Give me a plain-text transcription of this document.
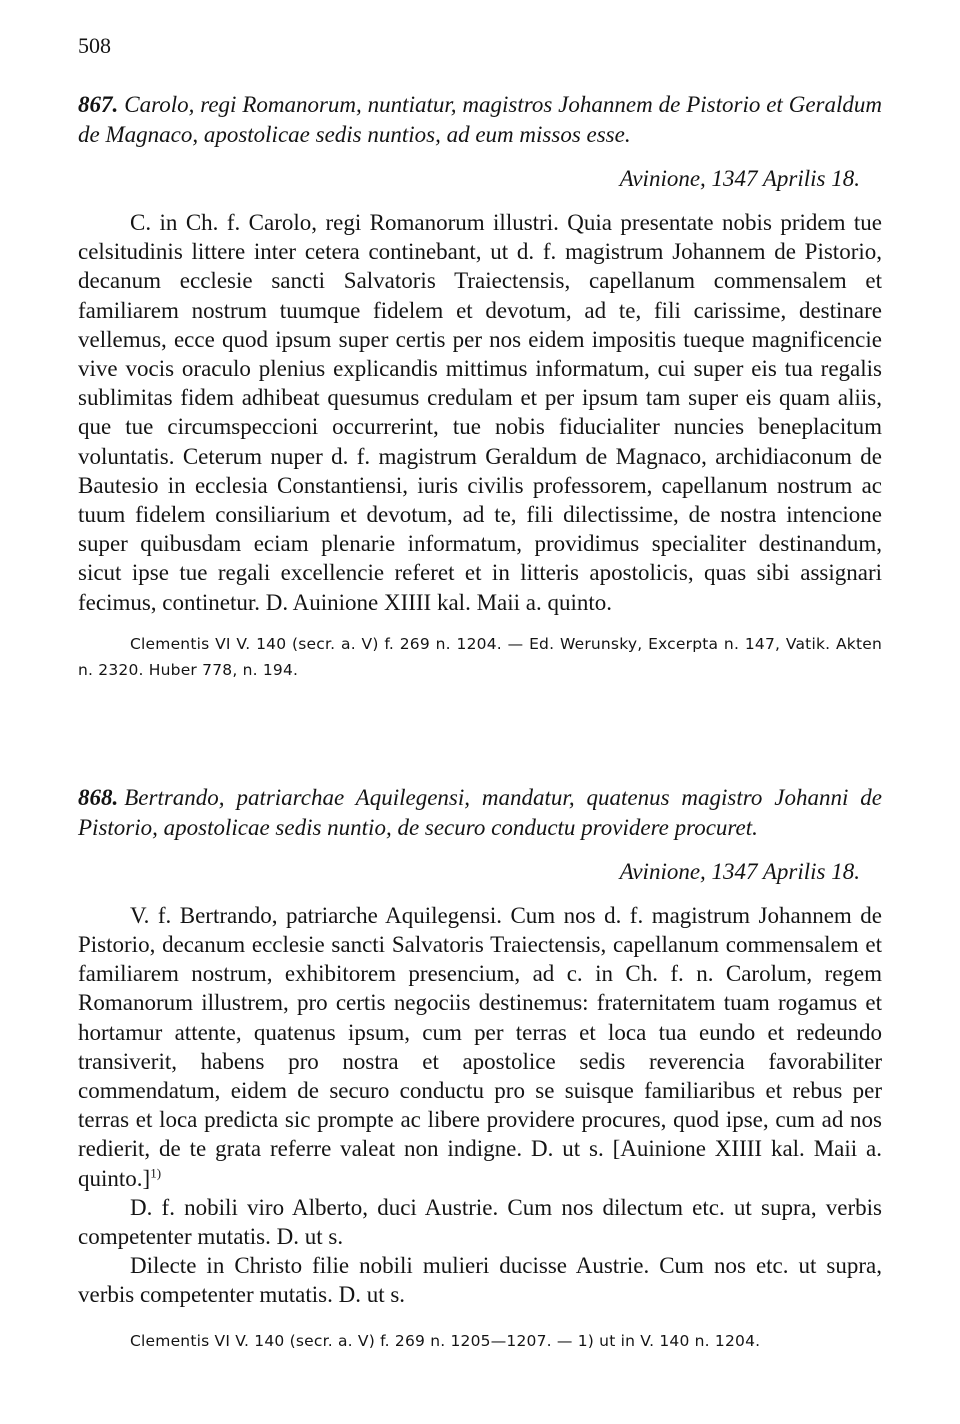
508

867. Carolo, regi Romanorum, nuntiatur, magistros Johannem de Pistorio et Geraldum de Magnaco, apostolicae sedis nuntios, ad eum missos esse.

Avinione, 1347 Aprilis 18.

C. in Ch. f. Carolo, regi Romanorum illustri. Quia presentate nobis pridem tue celsitudinis littere inter cetera continebant, ut d. f. magistrum Johannem de Pistorio, decanum ecclesie sancti Salvatoris Traiectensis, capellanum commensalem et familiarem nostrum tuumque fidelem et devotum, ad te, fili carissime, destinare vellemus, ecce quod ipsum super certis per nos eidem impositis tueque magnificencie vive vocis oraculo plenius explicandis mittimus informatum, cui super eis tua regalis sublimitas fidem adhibeat quesumus credulam et per ipsum tam super eis quam aliis, que tue circumspeccioni occurrerint, tue nobis fiducialiter nuncies beneplacitum voluntatis. Ceterum nuper d. f. magistrum Geraldum de Magnaco, archidiaconum de Bautesio in ecclesia Constantiensi, iuris civilis professorem, capellanum nostrum ac tuum fidelem consiliarium et devotum, ad te, fili dilectissime, de nostra intencione super quibusdam eciam plenarie informatum, providimus specialiter destinandum, sicut ipse tue regali excellencie referet et in litteris apostolicis, quas sibi assignari fecimus, continetur. D. Auinione XIIII kal. Maii a. quinto.

Clementis VI V. 140 (secr. a. V) f. 269 n. 1204. — Ed. Werunsky, Excerpta n. 147, Vatik. Akten n. 2320. Huber 778, n. 194.

868. Bertrando, patriarchae Aquilegensi, mandatur, quatenus magistro Johanni de Pistorio, apostolicae sedis nuntio, de securo conductu providere procuret.

Avinione, 1347 Aprilis 18.

V. f. Bertrando, patriarche Aquilegensi. Cum nos d. f. magistrum Johannem de Pistorio, decanum ecclesie sancti Salvatoris Traiectensis, capellanum commensalem et familiarem nostrum, exhibitorem presencium, ad c. in Ch. f. n. Carolum, regem Romanorum illustrem, pro certis negociis destinemus: fraternitatem tuam rogamus et hortamur attente, quatenus ipsum, cum per terras et loca tua eundo et redeundo transiverit, habens pro nostra et apostolice sedis reverencia favorabiliter commendatum, eidem de securo conductu pro se suisque familiaribus et rebus per terras et loca predicta sic prompte ac libere providere procures, quod ipse, cum ad nos redierit, de te grata referre valeat non indigne. D. ut s. [Auinione XIIII kal. Maii a. quinto.]$^{1)}$

D. f. nobili viro Alberto, duci Austrie. Cum nos dilectum etc. ut supra, verbis competenter mutatis. D. ut s.

Dilecte in Christo filie nobili mulieri ducisse Austrie. Cum nos etc. ut supra, verbis competenter mutatis. D. ut s.

Clementis VI V. 140 (secr. a. V) f. 269 n. 1205—1207. — 1) ut in V. 140 n. 1204.
